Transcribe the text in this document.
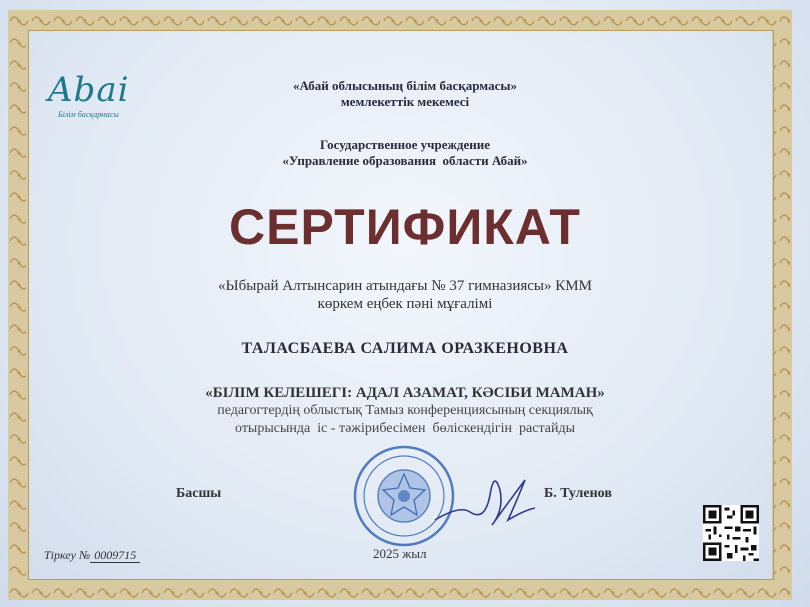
Abai
Білім басқармасы
«Абай облысының білім басқармасы»
мемлекеттік мекемесі
Государственное учреждение
«Управление образования  области Абай»
СЕРТИФИКАТ
«Ыбырай Алтынсарин атындағы № 37 гимназиясы» КММ
көркем еңбек пәні мұғалімі
ТАЛАСБАЕВА САЛИМА ОРАЗКЕНОВНА
«БІЛІМ КЕЛЕШЕГІ: АДАЛ АЗАМАТ, КӘСІБИ МАМАН»
педагогтердің облыстық Тамыз конференциясының секциялық
отырысында  іс - тәжірибесімен  бөліскендігін  растайды
Басшы	Б. Туленов
Тіркеу № 0009715	2025 жыл
